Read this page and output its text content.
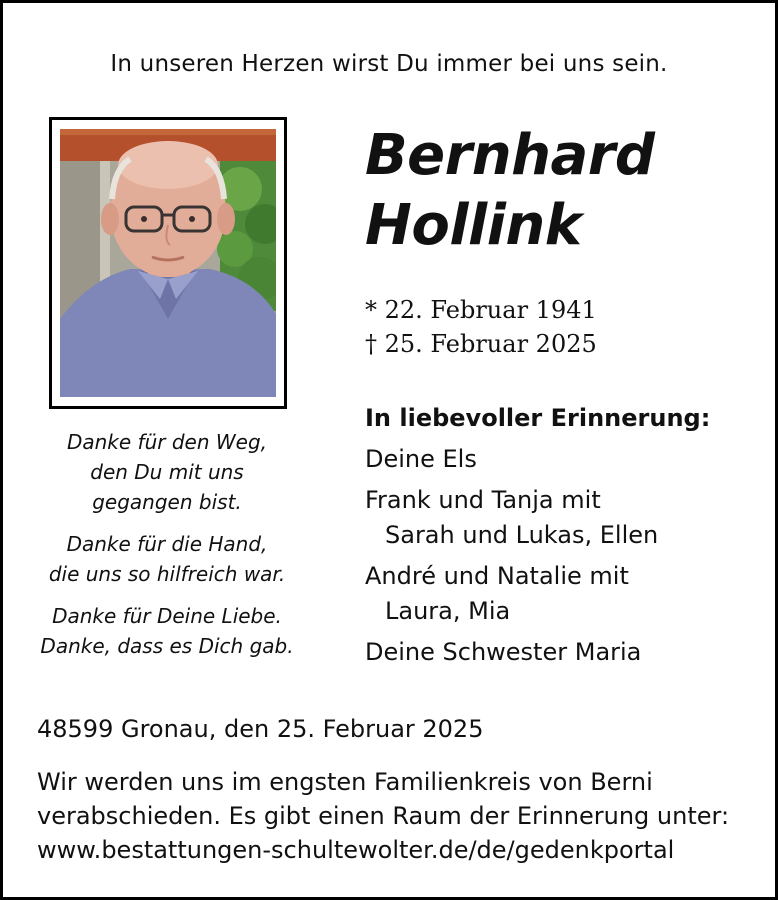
In unseren Herzen wirst Du immer bei uns sein.
Bernhard
Hollink
* 22. Februar 1941
† 25. Februar 2025
Danke für den Weg,
den Du mit uns
gegangen bist.
Danke für die Hand,
die uns so hilfreich war.
Danke für Deine Liebe.
Danke, dass es Dich gab.
In liebevoller Erinnerung:
Deine Els
Frank und Tanja mit
Sarah und Lukas, Ellen
André und Natalie mit
Laura, Mia
Deine Schwester Maria
48599 Gronau, den 25. Februar 2025
Wir werden uns im engsten Familienkreis von Berni
verabschieden. Es gibt einen Raum der Erinnerung unter:
www.bestattungen-schultewolter.de/de/gedenkportal
